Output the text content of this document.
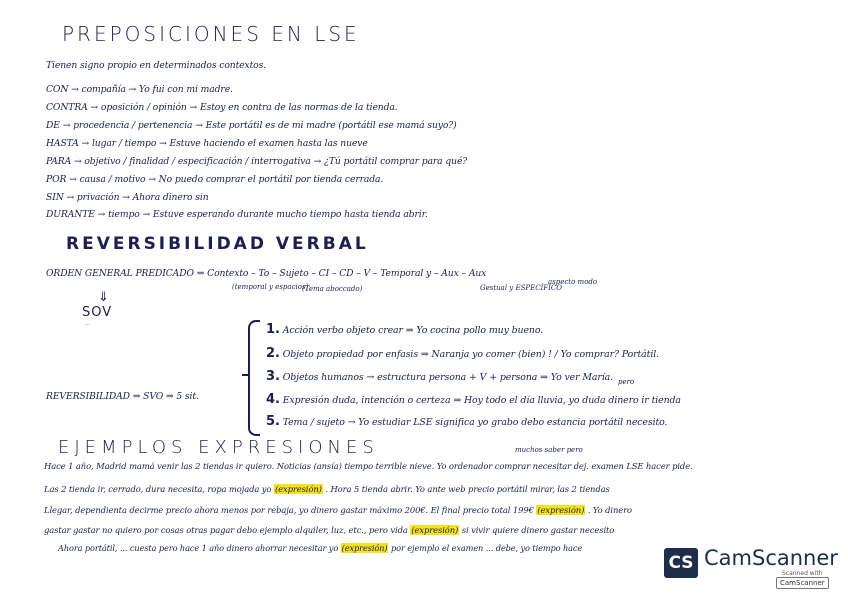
PREPOSICIONES EN LSE
Tienen signo propio en determinados contextos.
CON → compañía → Yo fui con mi madre.
CONTRA → oposición / opinión → Estoy en contra de las normas de la tienda.
DE → procedencia / pertenencia → Este portátil es de mi madre (portátil ese mamá suyo?)
HASTA → lugar / tiempo → Estuve haciendo el examen hasta las nueve
PARA → objetivo / finalidad / especificación / interrogativa → ¿Tú portátil comprar para qué?
POR → causa / motivo → No puedo comprar el portátil por tienda cerrada.
SIN → privación → Ahora dinero sin
DURANTE → tiempo → Estuve esperando durante mucho tiempo hasta tienda abrir.
REVERSIBILIDAD VERBAL
ORDEN GENERAL PREDICADO ⇒ Contexto – To – Sujeto – CI – CD – V – Temporal y – Aux – Aux
(temporal y espacios)
(Tema aboccado)
aspecto modo
Gestual y ESPECÍFICO
⇓
SOV
⋮
REVERSIBILIDAD ⇒ SVO ⇒ 5 sit.
1. Acción verbo objeto crear ⇒ Yo cocina pollo muy bueno.
2. Objeto propiedad por enfasis ⇒ Naranja yo comer (bien) ! / Yo comprar? Portátil.
3. Objetos humanos → estructura persona + V + persona ⇒ Yo ver María. pero
4. Expresión duda, intención o certeza ⇒ Hoy todo el día lluvia, yo duda dinero ir tienda
5. Tema / sujeto → Yo estudiar LSE significa yo grabo debo estancia portátil necesito.
EJEMPLOS EXPRESIONES	muchos saber pero
Hace 1 año, Madrid mamá venir las 2 tiendas ir quiero. Noticias (ansía) tiempo terrible nieve. Yo ordenador comprar necesitar dej. examen LSE hacer pide.
Las 2 tienda ir, cerrado, dura necesita, ropa mojada yo (expresión) . Hora 5 tienda abrir. Yo ante web precio portátil mirar, las 2 tiendas
Llegar, dependienta decirme precio ahora menos por rebaja, yo dinero gastar máximo 200€. El final precio total 199€ (expresión) . Yo dinero
gastar gastar no quiero por cosas otras pagar debo ejemplo alquiler, luz, etc., pero vida (expresión) si vivir quiere dinero gastar necesito
Ahora portátil, ... cuesta pero hace 1 año dinero ahorrar necesitar yo (expresión) por ejemplo el examen ... debe, yo tiempo hace
CS CamScanner
Scanned with
CamScanner
